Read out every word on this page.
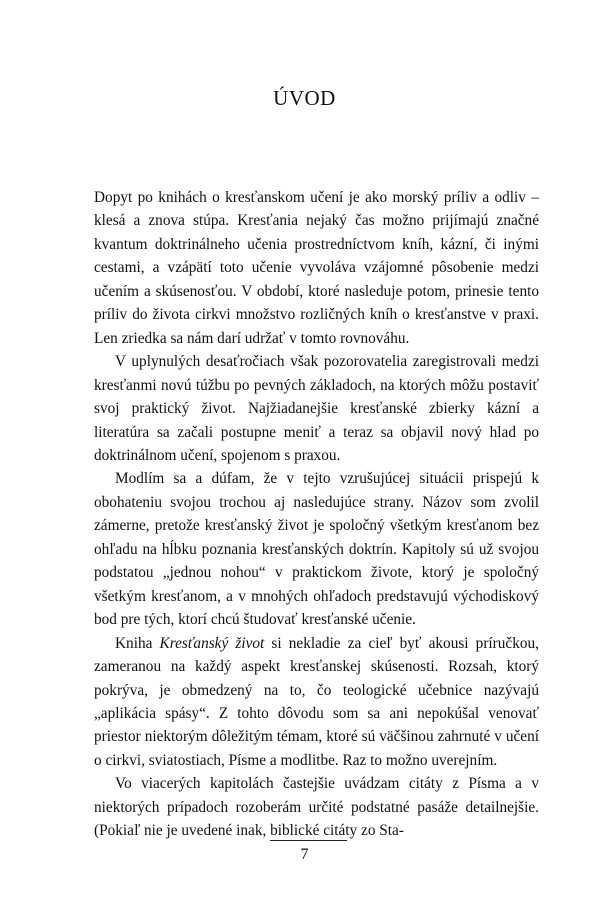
ÚVOD

Dopyt po knihách o kresťanskom učení je ako morský príliv a odliv – klesá a znova stúpa. Kresťania nejaký čas možno prijímajú značné kvantum doktrinálneho učenia prostredníctvom kníh, kázní, či inými cestami, a vzápätí toto učenie vyvoláva vzájomné pôsobenie medzi učením a skúsenosťou. V období, ktoré nasleduje potom, prinesie tento príliv do života cirkvi množstvo rozličných kníh o kresťanstve v praxi. Len zriedka sa nám darí udržať v tomto rovnováhu.

V uplynulých desaťročiach však pozorovatelia zaregistrovali medzi kresťanmi novú túžbu po pevných základoch, na ktorých môžu postaviť svoj praktický život. Najžiadanejšie kresťanské zbierky kázní a literatúra sa začali postupne meniť a teraz sa objavil nový hlad po doktrinálnom učení, spojenom s praxou.

Modlím sa a dúfam, že v tejto vzrušujúcej situácii prispejú k obohateniu svojou trochou aj nasledujúce strany. Názov som zvolil zámerne, pretože kresťanský život je spoločný všetkým kresťanom bez ohľadu na hĺbku poznania kresťanských doktrín. Kapitoly sú už svojou podstatou „jednou nohou“ v praktickom živote, ktorý je spoločný všetkým kresťanom, a v mnohých ohľadoch predstavujú východiskový bod pre tých, ktorí chcú študovať kresťanské učenie.

Kniha Kresťanský život si nekladie za cieľ byť akousi príručkou, zameranou na každý aspekt kresťanskej skúsenosti. Rozsah, ktorý pokrýva, je obmedzený na to, čo teologické učebnice nazývajú „aplikácia spásy“. Z tohto dôvodu som sa ani nepokúšal venovať priestor niektorým dôležitým témam, ktoré sú väčšinou zahrnuté v učení o cirkvi, sviatostiach, Písme a modlitbe. Raz to možno uverejním.

Vo viacerých kapitolách častejšie uvádzam citáty z Písma a v niektorých prípadoch rozoberám určité podstatné pasáže detailnejšie. (Pokiaľ nie je uvedené inak, biblické citáty zo Sta-

7
